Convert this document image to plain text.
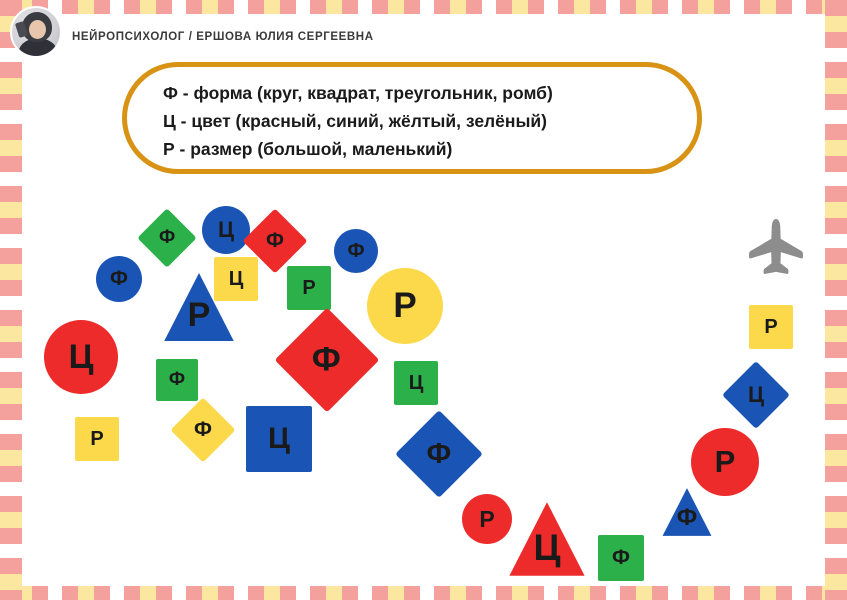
НЕЙРОПСИХОЛОГ / ЕРШОВА ЮЛИЯ СЕРГЕЕВНА
Ф - форма (круг, квадрат, треугольник, ромб)
Ц - цвет (красный, синий, жёлтый, зелёный)
Р - размер (большой, маленький)
Ф
Ф Ц Ф	Ф
Ц	Р Р
Р
Ц
Ф
Р	Ф
Ф
Ц
Ц
Ф
Р
Ц Ф
Ф
Р
Ц
Р
